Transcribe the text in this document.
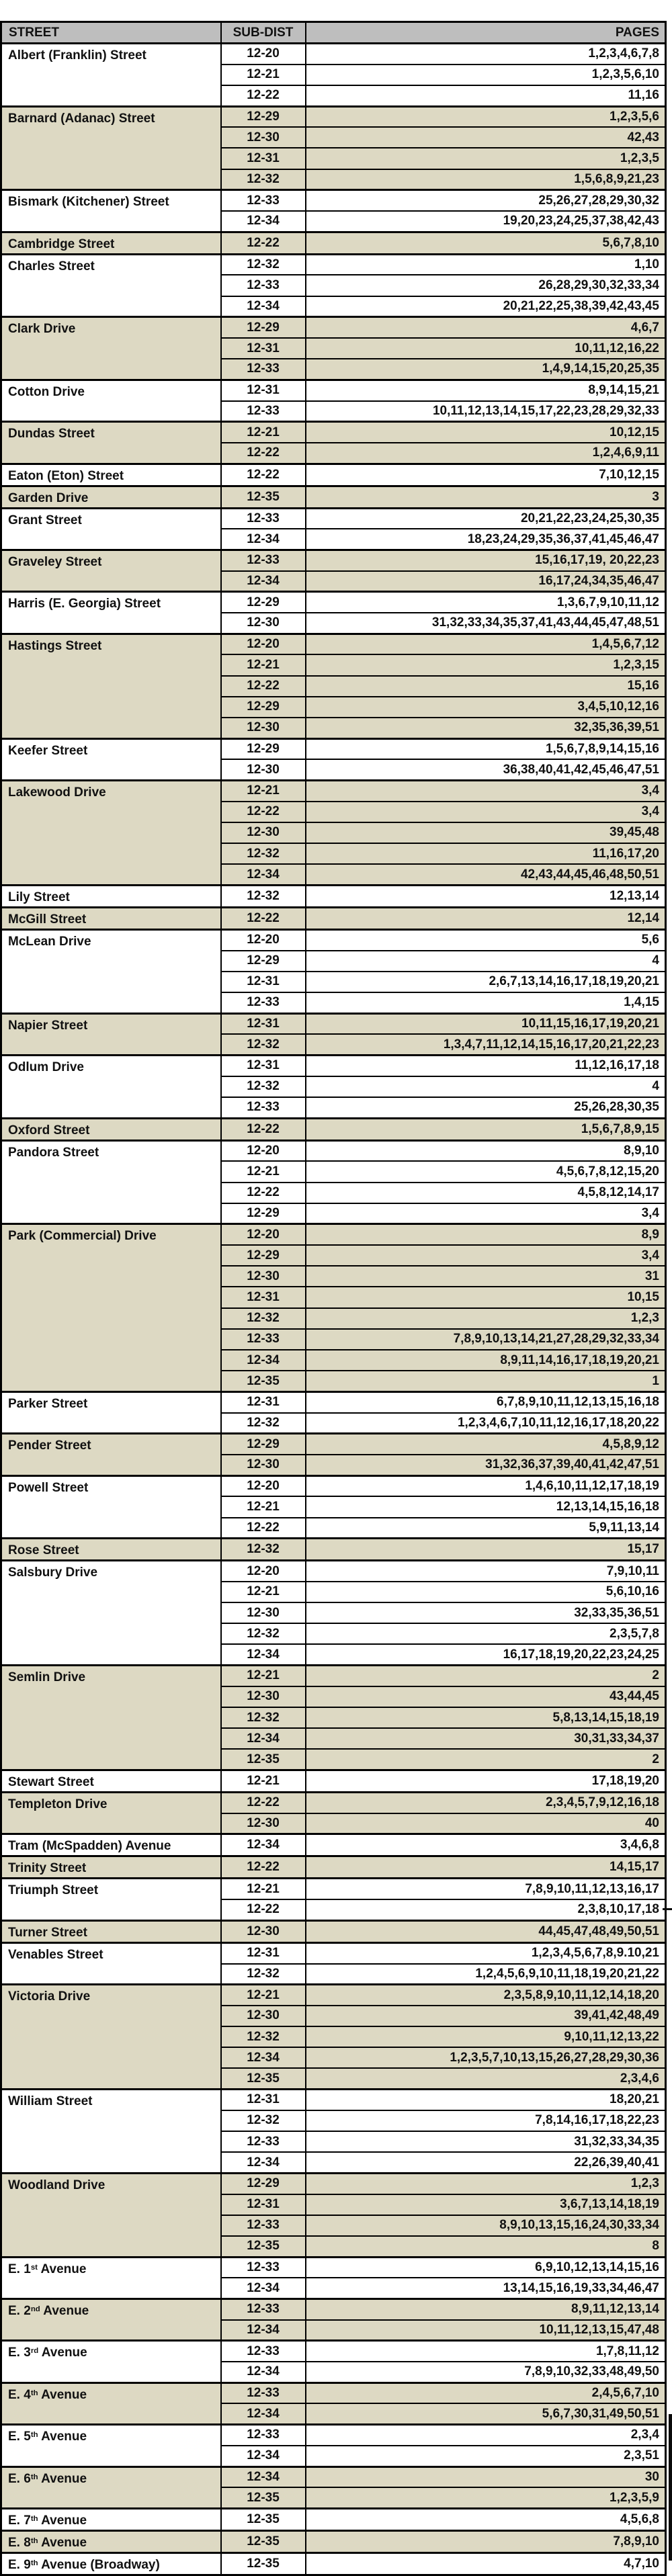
STREET	SUB-DIST	PAGES
Albert (Franklin) Street	12-20	1,2,3,4,6,7,8
	12-21	1,2,3,5,6,10
	12-22	11,16
Barnard (Adanac) Street	12-29	1,2,3,5,6
	12-30	42,43
	12-31	1,2,3,5
	12-32	1,5,6,8,9,21,23
Bismark (Kitchener) Street	12-33	25,26,27,28,29,30,32
	12-34	19,20,23,24,25,37,38,42,43
Cambridge Street	12-22	5,6,7,8,10
Charles Street	12-32	1,10
	12-33	26,28,29,30,32,33,34
	12-34	20,21,22,25,38,39,42,43,45
Clark Drive	12-29	4,6,7
	12-31	10,11,12,16,22
	12-33	1,4,9,14,15,20,25,35
Cotton Drive	12-31	8,9,14,15,21
	12-33	10,11,12,13,14,15,17,22,23,28,29,32,33
Dundas Street	12-21	10,12,15
	12-22	1,2,4,6,9,11
Eaton (Eton) Street	12-22	7,10,12,15
Garden Drive	12-35	3
Grant Street	12-33	20,21,22,23,24,25,30,35
	12-34	18,23,24,29,35,36,37,41,45,46,47
Graveley Street	12-33	15,16,17,19, 20,22,23
	12-34	16,17,24,34,35,46,47
Harris (E. Georgia) Street	12-29	1,3,6,7,9,10,11,12
	12-30	31,32,33,34,35,37,41,43,44,45,47,48,51
Hastings Street	12-20	1,4,5,6,7,12
	12-21	1,2,3,15
	12-22	15,16
	12-29	3,4,5,10,12,16
	12-30	32,35,36,39,51
Keefer Street	12-29	1,5,6,7,8,9,14,15,16
	12-30	36,38,40,41,42,45,46,47,51
Lakewood Drive	12-21	3,4
	12-22	3,4
	12-30	39,45,48
	12-32	11,16,17,20
	12-34	42,43,44,45,46,48,50,51
Lily Street	12-32	12,13,14
McGill Street	12-22	12,14
McLean Drive	12-20	5,6
	12-29	4
	12-31	2,6,7,13,14,16,17,18,19,20,21
	12-33	1,4,15
Napier Street	12-31	10,11,15,16,17,19,20,21
	12-32	1,3,4,7,11,12,14,15,16,17,20,21,22,23
Odlum Drive	12-31	11,12,16,17,18
	12-32	4
	12-33	25,26,28,30,35
Oxford Street	12-22	1,5,6,7,8,9,15
Pandora Street	12-20	8,9,10
	12-21	4,5,6,7,8,12,15,20
	12-22	4,5,8,12,14,17
	12-29	3,4
Park (Commercial) Drive	12-20	8,9
	12-29	3,4
	12-30	31
	12-31	10,15
	12-32	1,2,3
	12-33	7,8,9,10,13,14,21,27,28,29,32,33,34
	12-34	8,9,11,14,16,17,18,19,20,21
	12-35	1
Parker Street	12-31	6,7,8,9,10,11,12,13,15,16,18
	12-32	1,2,3,4,6,7,10,11,12,16,17,18,20,22
Pender Street	12-29	4,5,8,9,12
	12-30	31,32,36,37,39,40,41,42,47,51
Powell Street	12-20	1,4,6,10,11,12,17,18,19
	12-21	12,13,14,15,16,18
	12-22	5,9,11,13,14
Rose Street	12-32	15,17
Salsbury Drive	12-20	7,9,10,11
	12-21	5,6,10,16
	12-30	32,33,35,36,51
	12-32	2,3,5,7,8
	12-34	16,17,18,19,20,22,23,24,25
Semlin Drive	12-21	2
	12-30	43,44,45
	12-32	5,8,13,14,15,18,19
	12-34	30,31,33,34,37
	12-35	2
Stewart Street	12-21	17,18,19,20
Templeton Drive	12-22	2,3,4,5,7,9,12,16,18
	12-30	40
Tram (McSpadden) Avenue	12-34	3,4,6,8
Trinity Street	12-22	14,15,17
Triumph Street	12-21	7,8,9,10,11,12,13,16,17
	12-22	2,3,8,10,17,18
Turner Street	12-30	44,45,47,48,49,50,51
Venables Street	12-31	1,2,3,4,5,6,7,8,9.10,21
	12-32	1,2,4,5,6,9,10,11,18,19,20,21,22
Victoria Drive	12-21	2,3,5,8,9,10,11,12,14,18,20
	12-30	39,41,42,48,49
	12-32	9,10,11,12,13,22
	12-34	1,2,3,5,7,10,13,15,26,27,28,29,30,36
	12-35	2,3,4,6
William Street	12-31	18,20,21
	12-32	7,8,14,16,17,18,22,23
	12-33	31,32,33,34,35
	12-34	22,26,39,40,41
Woodland Drive	12-29	1,2,3
	12-31	3,6,7,13,14,18,19
	12-33	8,9,10,13,15,16,24,30,33,34
	12-35	8
E. 1st Avenue	12-33	6,9,10,12,13,14,15,16
	12-34	13,14,15,16,19,33,34,46,47
E. 2nd Avenue	12-33	8,9,11,12,13,14
	12-34	10,11,12,13,15,47,48
E. 3rd Avenue	12-33	1,7,8,11,12
	12-34	7,8,9,10,32,33,48,49,50
E. 4th Avenue	12-33	2,4,5,6,7,10
	12-34	5,6,7,30,31,49,50,51
E. 5th Avenue	12-33	2,3,4
	12-34	2,3,51
E. 6th Avenue	12-34	30
	12-35	1,2,3,5,9
E. 7th Avenue	12-35	4,5,6,8
E. 8th Avenue	12-35	7,8,9,10
E. 9th Avenue (Broadway)	12-35	4,7,10
